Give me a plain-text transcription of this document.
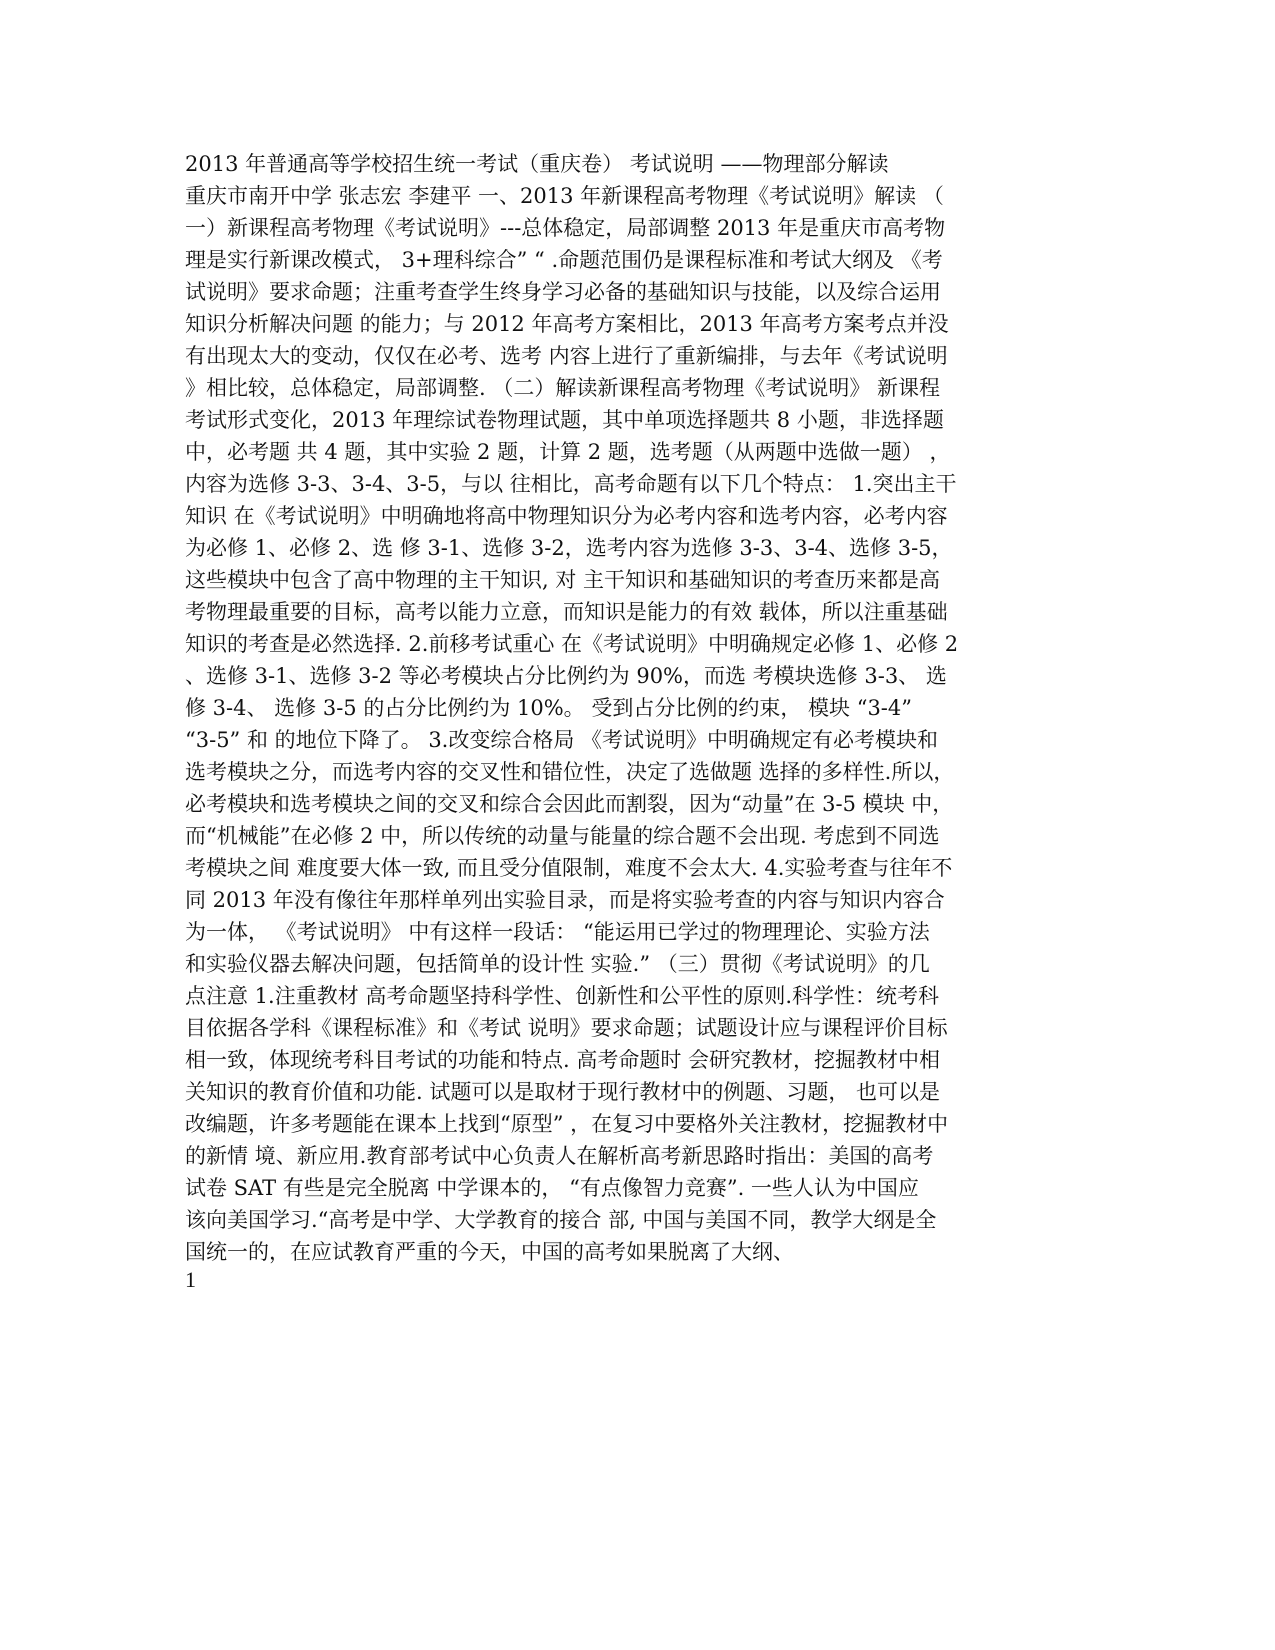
2013 年普通高等学校招生统一考试（重庆卷） 考试说明 ——物理部分解读
重庆市南开中学 张志宏 李建平 一、2013 年新课程高考物理《考试说明》解读 （
一）新课程高考物理《考试说明》---总体稳定，局部调整 2013 年是重庆市高考物
理是实行新课改模式， 3+理科综合” “ .命题范围仍是课程标准和考试大纲及 《考
试说明》要求命题；注重考查学生终身学习必备的基础知识与技能，以及综合运用
知识分析解决问题 的能力；与 2012 年高考方案相比，2013 年高考方案考点并没
有出现太大的变动，仅仅在必考、选考 内容上进行了重新编排，与去年《考试说明
》相比较，总体稳定，局部调整. （二）解读新课程高考物理《考试说明》 新课程
考试形式变化，2013 年理综试卷物理试题，其中单项选择题共 8 小题，非选择题
中，必考题 共 4 题，其中实验 2 题，计算 2 题，选考题（从两题中选做一题） ，
内容为选修 3-3、3-4、3-5，与以 往相比，高考命题有以下几个特点： 1.突出主干
知识 在《考试说明》中明确地将高中物理知识分为必考内容和选考内容，必考内容
为必修 1、必修 2、选 修 3-1、选修 3-2，选考内容为选修 3-3、3-4、选修 3-5，
这些模块中包含了高中物理的主干知识, 对 主干知识和基础知识的考查历来都是高
考物理最重要的目标，高考以能力立意，而知识是能力的有效 载体，所以注重基础
知识的考查是必然选择. 2.前移考试重心 在《考试说明》中明确规定必修 1、必修 2
、选修 3-1、选修 3-2 等必考模块占分比例约为 90%，而选 考模块选修 3-3、 选
修 3-4、 选修 3-5 的占分比例约为 10%。 受到占分比例的约束， 模块 “3-4”
“3-5” 和 的地位下降了。 3.改变综合格局 《考试说明》中明确规定有必考模块和
选考模块之分，而选考内容的交叉性和错位性，决定了选做题 选择的多样性.所以，
必考模块和选考模块之间的交叉和综合会因此而割裂，因为“动量”在 3-5 模块 中，
而“机械能”在必修 2 中，所以传统的动量与能量的综合题不会出现. 考虑到不同选
考模块之间 难度要大体一致, 而且受分值限制，难度不会太大. 4.实验考查与往年不
同 2013 年没有像往年那样单列出实验目录，而是将实验考查的内容与知识内容合
为一体， 《考试说明》 中有这样一段话： “能运用已学过的物理理论、实验方法
和实验仪器去解决问题，包括简单的设计性 实验.” （三）贯彻《考试说明》的几
点注意 1.注重教材 高考命题坚持科学性、创新性和公平性的原则.科学性：统考科
目依据各学科《课程标准》和《考试 说明》要求命题；试题设计应与课程评价目标
相一致，体现统考科目考试的功能和特点. 高考命题时 会研究教材，挖掘教材中相
关知识的教育价值和功能. 试题可以是取材于现行教材中的例题、习题， 也可以是
改编题，许多考题能在课本上找到“原型” ，在复习中要格外关注教材，挖掘教材中
的新情 境、新应用.教育部考试中心负责人在解析高考新思路时指出：美国的高考
试卷 SAT 有些是完全脱离 中学课本的， “有点像智力竞赛”. 一些人认为中国应
该向美国学习.“高考是中学、大学教育的接合 部, 中国与美国不同，教学大纲是全
国统一的，在应试教育严重的今天，中国的高考如果脱离了大纲、
1
